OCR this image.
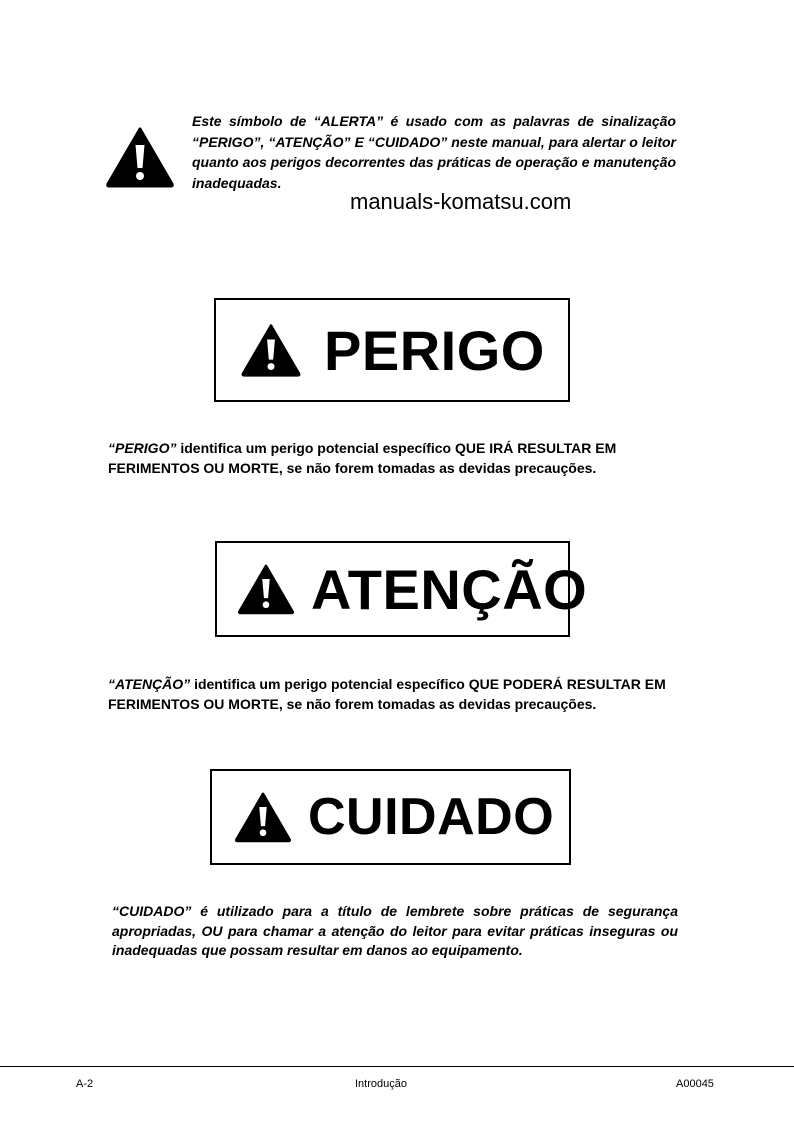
Este símbolo de “ALERTA” é usado com as palavras de sinalização “PERIGO”, “ATENÇÃO” E “CUIDADO” neste manual, para alertar o leitor quanto aos perigos decorrentes das práticas de operação e manutenção inadequadas.
manuals-komatsu.com
PERIGO
“PERIGO” identifica um perigo potencial específico QUE IRÁ RESULTAR EM FERIMENTOS OU MORTE, se não forem tomadas as devidas precauções.
ATENÇÃO
“ATENÇÃO” identifica um perigo potencial específico QUE PODERÁ RESULTAR EM FERIMENTOS OU MORTE, se não forem tomadas as devidas precauções.
CUIDADO
“CUIDADO” é utilizado para a título de lembrete sobre práticas de segurança apropriadas, OU para chamar a atenção do leitor para evitar práticas inseguras ou inadequadas que possam resultar em danos ao equipamento.
A-2	Introdução	A00045
